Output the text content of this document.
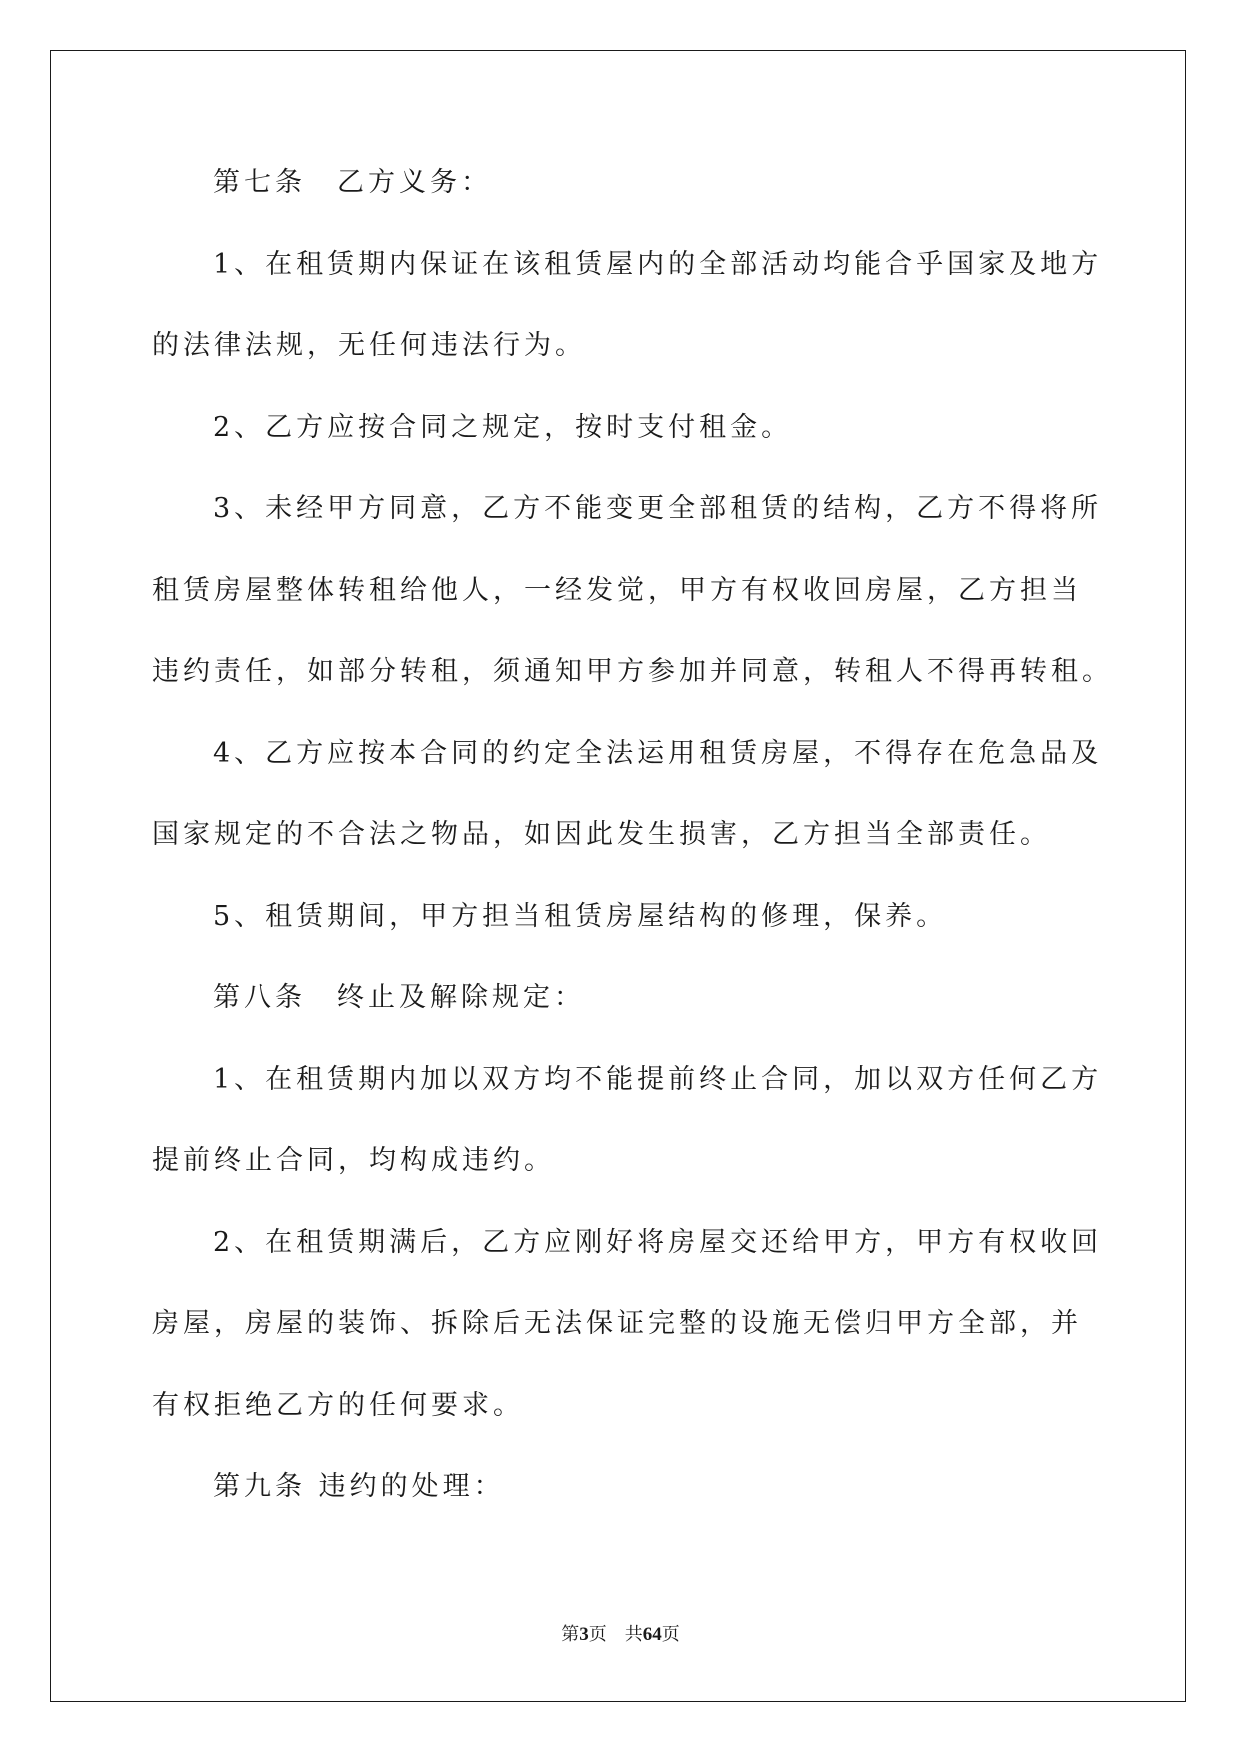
第七条　乙方义务：
1、在租赁期内保证在该租赁屋内的全部活动均能合乎国家及地方
的法律法规，无任何违法行为。
2、乙方应按合同之规定，按时支付租金。
3、未经甲方同意，乙方不能变更全部租赁的结构，乙方不得将所
租赁房屋整体转租给他人，一经发觉，甲方有权收回房屋，乙方担当
违约责任，如部分转租，须通知甲方参加并同意，转租人不得再转租。
4、乙方应按本合同的约定全法运用租赁房屋，不得存在危急品及
国家规定的不合法之物品，如因此发生损害，乙方担当全部责任。
5、租赁期间，甲方担当租赁房屋结构的修理，保养。
第八条　终止及解除规定：
1、在租赁期内加以双方均不能提前终止合同，加以双方任何乙方
提前终止合同，均构成违约。
2、在租赁期满后，乙方应刚好将房屋交还给甲方，甲方有权收回
房屋，房屋的装饰、拆除后无法保证完整的设施无偿归甲方全部，并
有权拒绝乙方的任何要求。
第九条 违约的处理：
第3页　共64页
